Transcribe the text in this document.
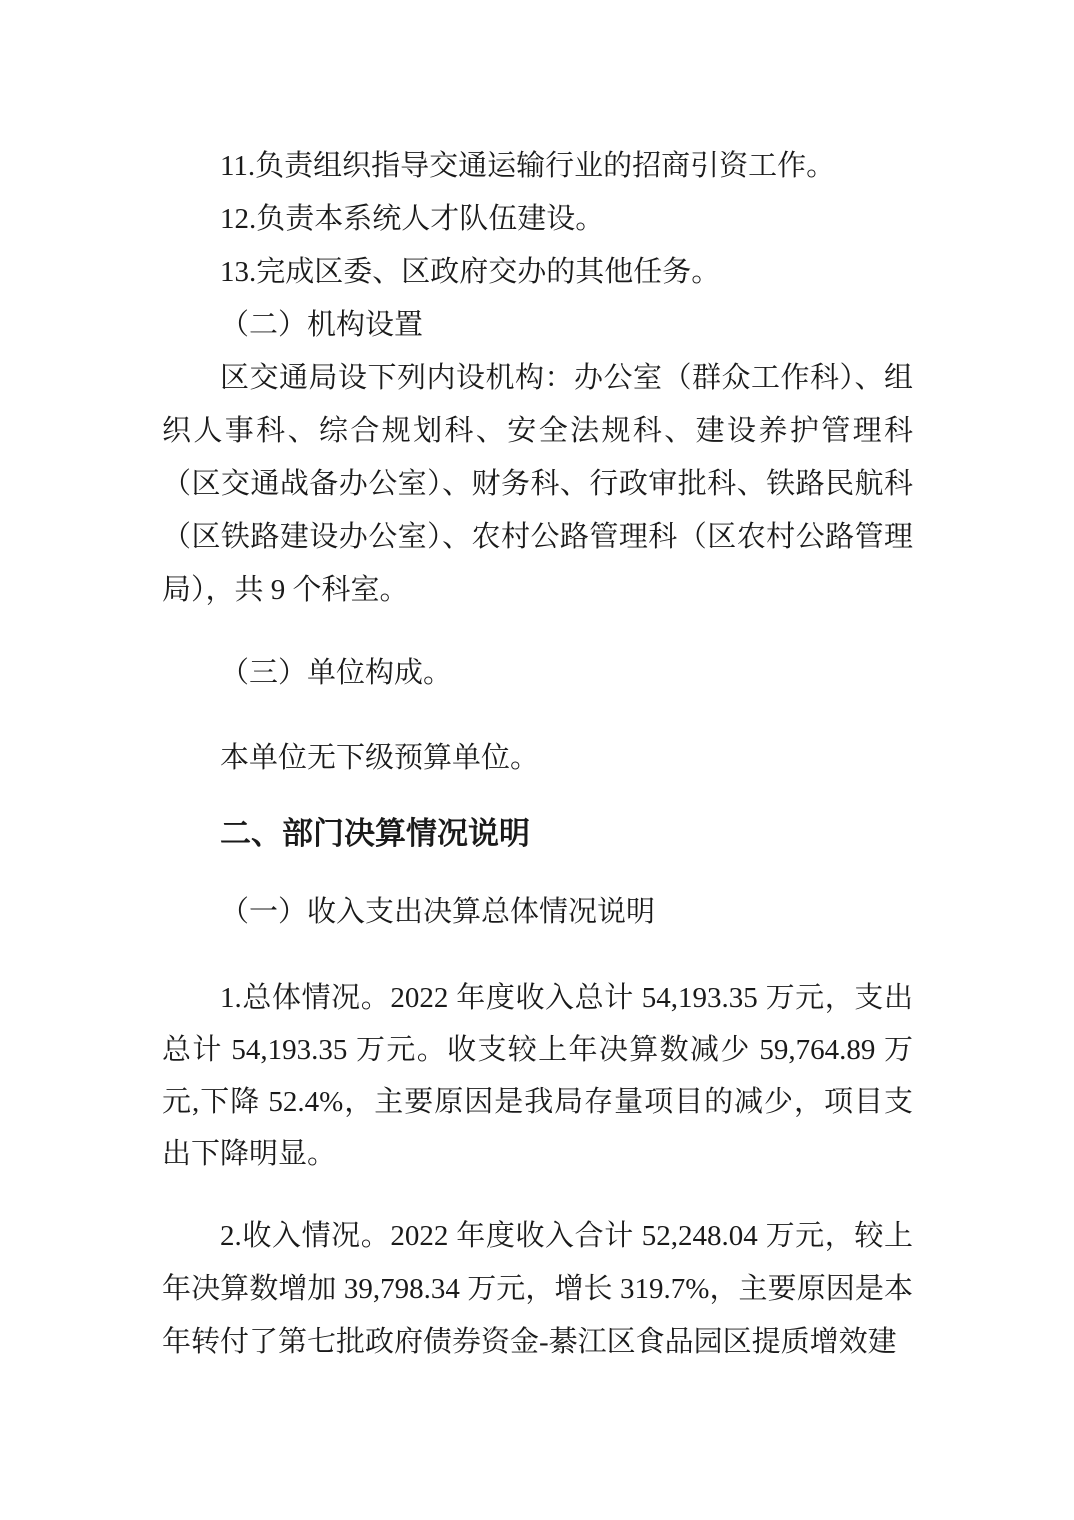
11.负责组织指导交通运输行业的招商引资工作。

12.负责本系统人才队伍建设。

13.完成区委、区政府交办的其他任务。

（二）机构设置

区交通局设下列内设机构：办公室（群众工作科）、组织人事科、综合规划科、安全法规科、建设养护管理科（区交通战备办公室）、财务科、行政审批科、铁路民航科（区铁路建设办公室）、农村公路管理科（区农村公路管理局），共 9 个科室。

（三）单位构成。

本单位无下级预算单位。

二、部门决算情况说明

（一）收入支出决算总体情况说明

1.总体情况。2022 年度收入总计 54,193.35 万元，支出总计 54,193.35 万元。收支较上年决算数减少 59,764.89 万元,下降 52.4%，主要原因是我局存量项目的减少，项目支出下降明显。

2.收入情况。2022 年度收入合计 52,248.04 万元，较上年决算数增加 39,798.34 万元，增长 319.7%，主要原因是本年转付了第七批政府债券资金-綦江区食品园区提质增效建
